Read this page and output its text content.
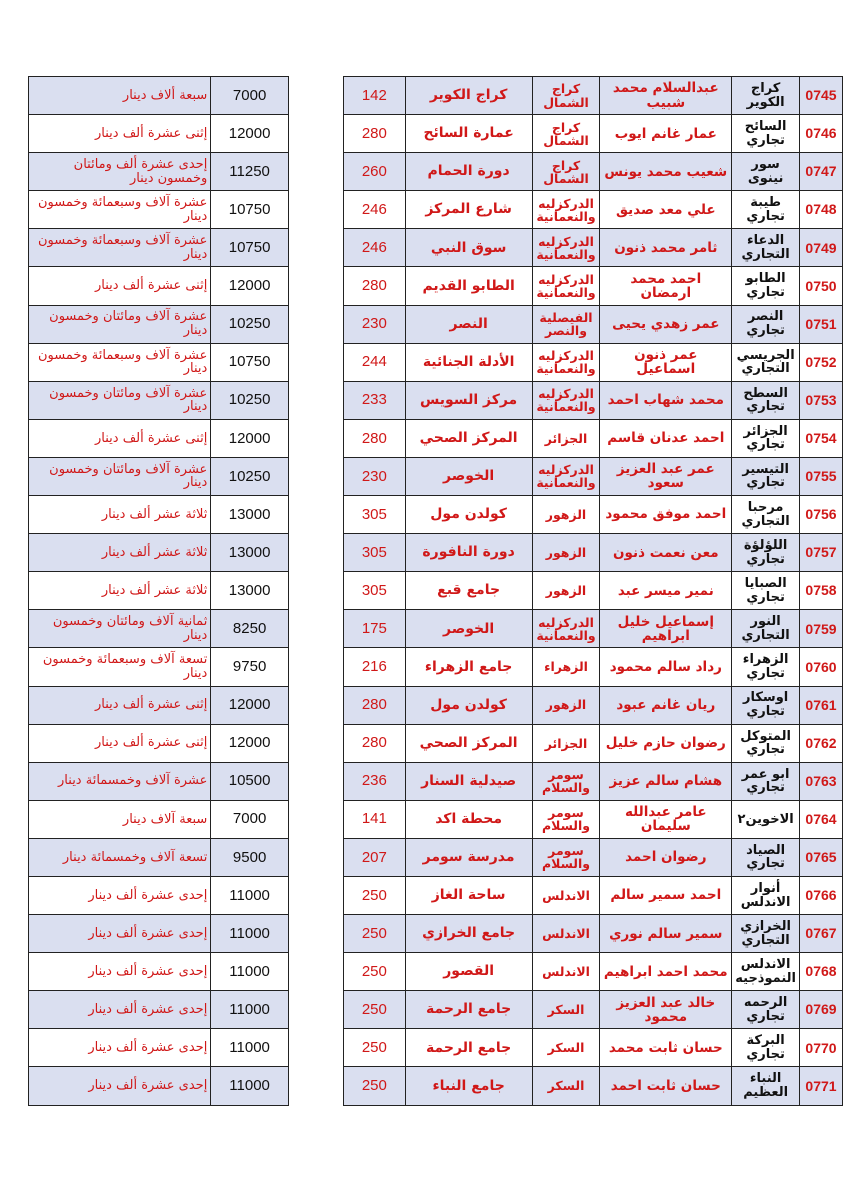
سبعة ألاف دينار	7000		142	كراج الكوير	كراج الشمال	عبدالسلام محمد شبيب	كراج الكوير	0745
إثنى عشرة ألف دينار	12000		280	عمارة السائح	كراج الشمال	عمار غانم ايوب	السائح تجاري	0746
إحدى عشرة ألف ومائتان وخمسون دينار	11250		260	دورة الحمام	كراج الشمال	شعيب محمد يونس	سور نينوى	0747
عشرة آلاف وسبعمائة وخمسون دينار	10750		246	شارع المركز	الدركزليه والنعمانية	علي معد صديق	طيبة تجاري	0748
عشرة آلاف وسبعمائة وخمسون دينار	10750		246	سوق النبي	الدركزليه والنعمانية	ثامر محمد ذنون	الدعاء التجاري	0749
إثنى عشرة ألف دينار	12000		280	الطابو القديم	الدركزليه والنعمانية	احمد محمد ارمضان	الطابو تجاري	0750
عشرة آلاف ومائتان وخمسون دينار	10250		230	النصر	الفيصلية والنصر	عمر زهدي يحيى	النصر تجاري	0751
عشرة آلاف وسبعمائة وخمسون دينار	10750		244	الأدلة الجنائية	الدركزليه والنعمانية	عمر ذنون اسماعيل	الجريسي التجاري	0752
عشرة آلاف ومائتان وخمسون دينار	10250		233	مركز السويس	الدركزليه والنعمانية	محمد شهاب احمد	السطح تجاري	0753
إثنى عشرة ألف دينار	12000		280	المركز الصحي	الجزائر	احمد عدنان قاسم	الجزائر تجاري	0754
عشرة آلاف ومائتان وخمسون دينار	10250		230	الخوصر	الدركزليه والنعمانية	عمر عبد العزيز سعود	التيسير تجاري	0755
ثلاثة عشر ألف دينار	13000		305	كولدن مول	الزهور	احمد موفق محمود	مرحبا التجاري	0756
ثلاثة عشر ألف دينار	13000		305	دورة النافورة	الزهور	معن نعمت ذنون	اللؤلؤة تجاري	0757
ثلاثة عشر ألف دينار	13000		305	جامع قبع	الزهور	نمير ميسر عبد	الصبايا تجاري	0758
ثمانية آلاف ومائتان وخمسون دينار	8250		175	الخوصر	الدركزليه والنعمانية	إسماعيل خليل ابراهيم	النور التجاري	0759
تسعة آلاف وسبعمائة وخمسون دينار	9750		216	جامع الزهراء	الزهراء	رداد سالم محمود	الزهراء تجاري	0760
إثنى عشرة ألف دينار	12000		280	كولدن مول	الزهور	ريان غانم عبود	اوسكار تجاري	0761
إثنى عشرة ألف دينار	12000		280	المركز الصحي	الجزائر	رضوان حازم خليل	المتوكل تجاري	0762
عشرة آلاف وخمسمائة دينار	10500		236	صيدلية السنار	سومر والسلام	هشام سالم عزيز	ابو عمر تجاري	0763
سبعة آلاف دينار	7000		141	محطة اكد	سومر والسلام	عامر عبدالله سليمان	الاخوين٢	0764
تسعة آلاف وخمسمائة دينار	9500		207	مدرسة سومر	سومر والسلام	رضوان احمد	الصياد تجاري	0765
إحدى عشرة ألف دينار	11000		250	ساحة الغاز	الاندلس	احمد سمير سالم	أنوار الاندلس	0766
إحدى عشرة ألف دينار	11000		250	جامع الخرازي	الاندلس	سمير سالم نوري	الخرازي التجاري	0767
إحدى عشرة ألف دينار	11000		250	القصور	الاندلس	محمد احمد ابراهيم	الاندلس النموذجيه	0768
إحدى عشرة ألف دينار	11000		250	جامع الرحمة	السكر	خالد عبد العزيز محمود	الرحمه تجاري	0769
إحدى عشرة ألف دينار	11000		250	جامع الرحمة	السكر	حسان ثابت محمد	البركة تجاري	0770
إحدى عشرة ألف دينار	11000		250	جامع النباء	السكر	حسان ثابت احمد	النباء العظيم	0771
